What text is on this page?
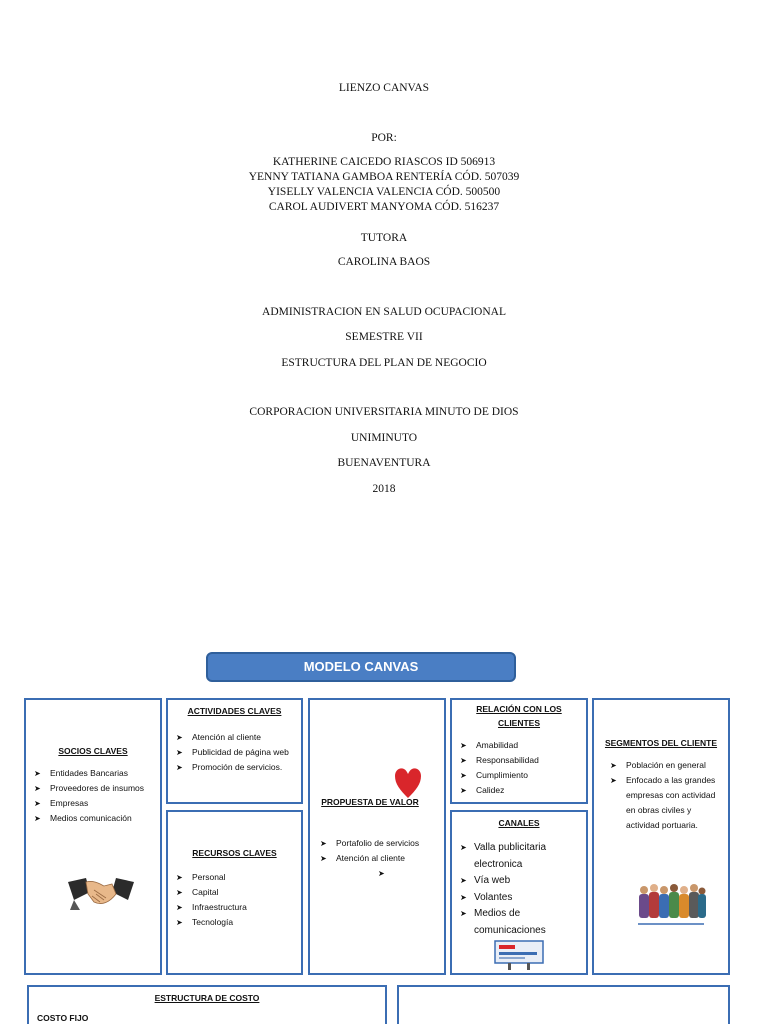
LIENZO CANVAS
POR:
KATHERINE CAICEDO RIASCOS ID 506913
YENNY TATIANA GAMBOA RENTERÍA CÓD. 507039
YISELLY VALENCIA VALENCIA CÓD. 500500
CAROL AUDIVERT MANYOMA CÓD. 516237
TUTORA
CAROLINA BAOS
ADMINISTRACION EN SALUD OCUPACIONAL
SEMESTRE VII
ESTRUCTURA DEL PLAN DE NEGOCIO
CORPORACION UNIVERSITARIA MINUTO DE DIOS
UNIMINUTO
BUENAVENTURA
2018
MODELO CANVAS
SOCIOS CLAVES
➤ Entidades Bancarias
➤ Proveedores de insumos
➤ Empresas
➤ Medios comunicación
ACTIVIDADES CLAVES
➤ Atención al cliente
➤ Publicidad de página web
➤ Promoción de servicios.
RECURSOS CLAVES
➤ Personal
➤ Capital
➤ Infraestructura
➤ Tecnología
PROPUESTA DE VALOR
➤ Portafolio de servicios
➤ Atención al cliente
➤
RELACIÓN CON LOS CLIENTES
➤ Amabilidad
➤ Responsabilidad
➤ Cumplimiento
➤ Calidez
CANALES
➤ Valla publicitaria electronica
➤ Vía web
➤ Volantes
➤ Medios de comunicaciones
SEGMENTOS DEL CLIENTE
➤ Población en general
➤ Enfocado a las grandes empresas con actividad en obras civiles y actividad portuaria.
ESTRUCTURA DE COSTO
COSTO FIJO
